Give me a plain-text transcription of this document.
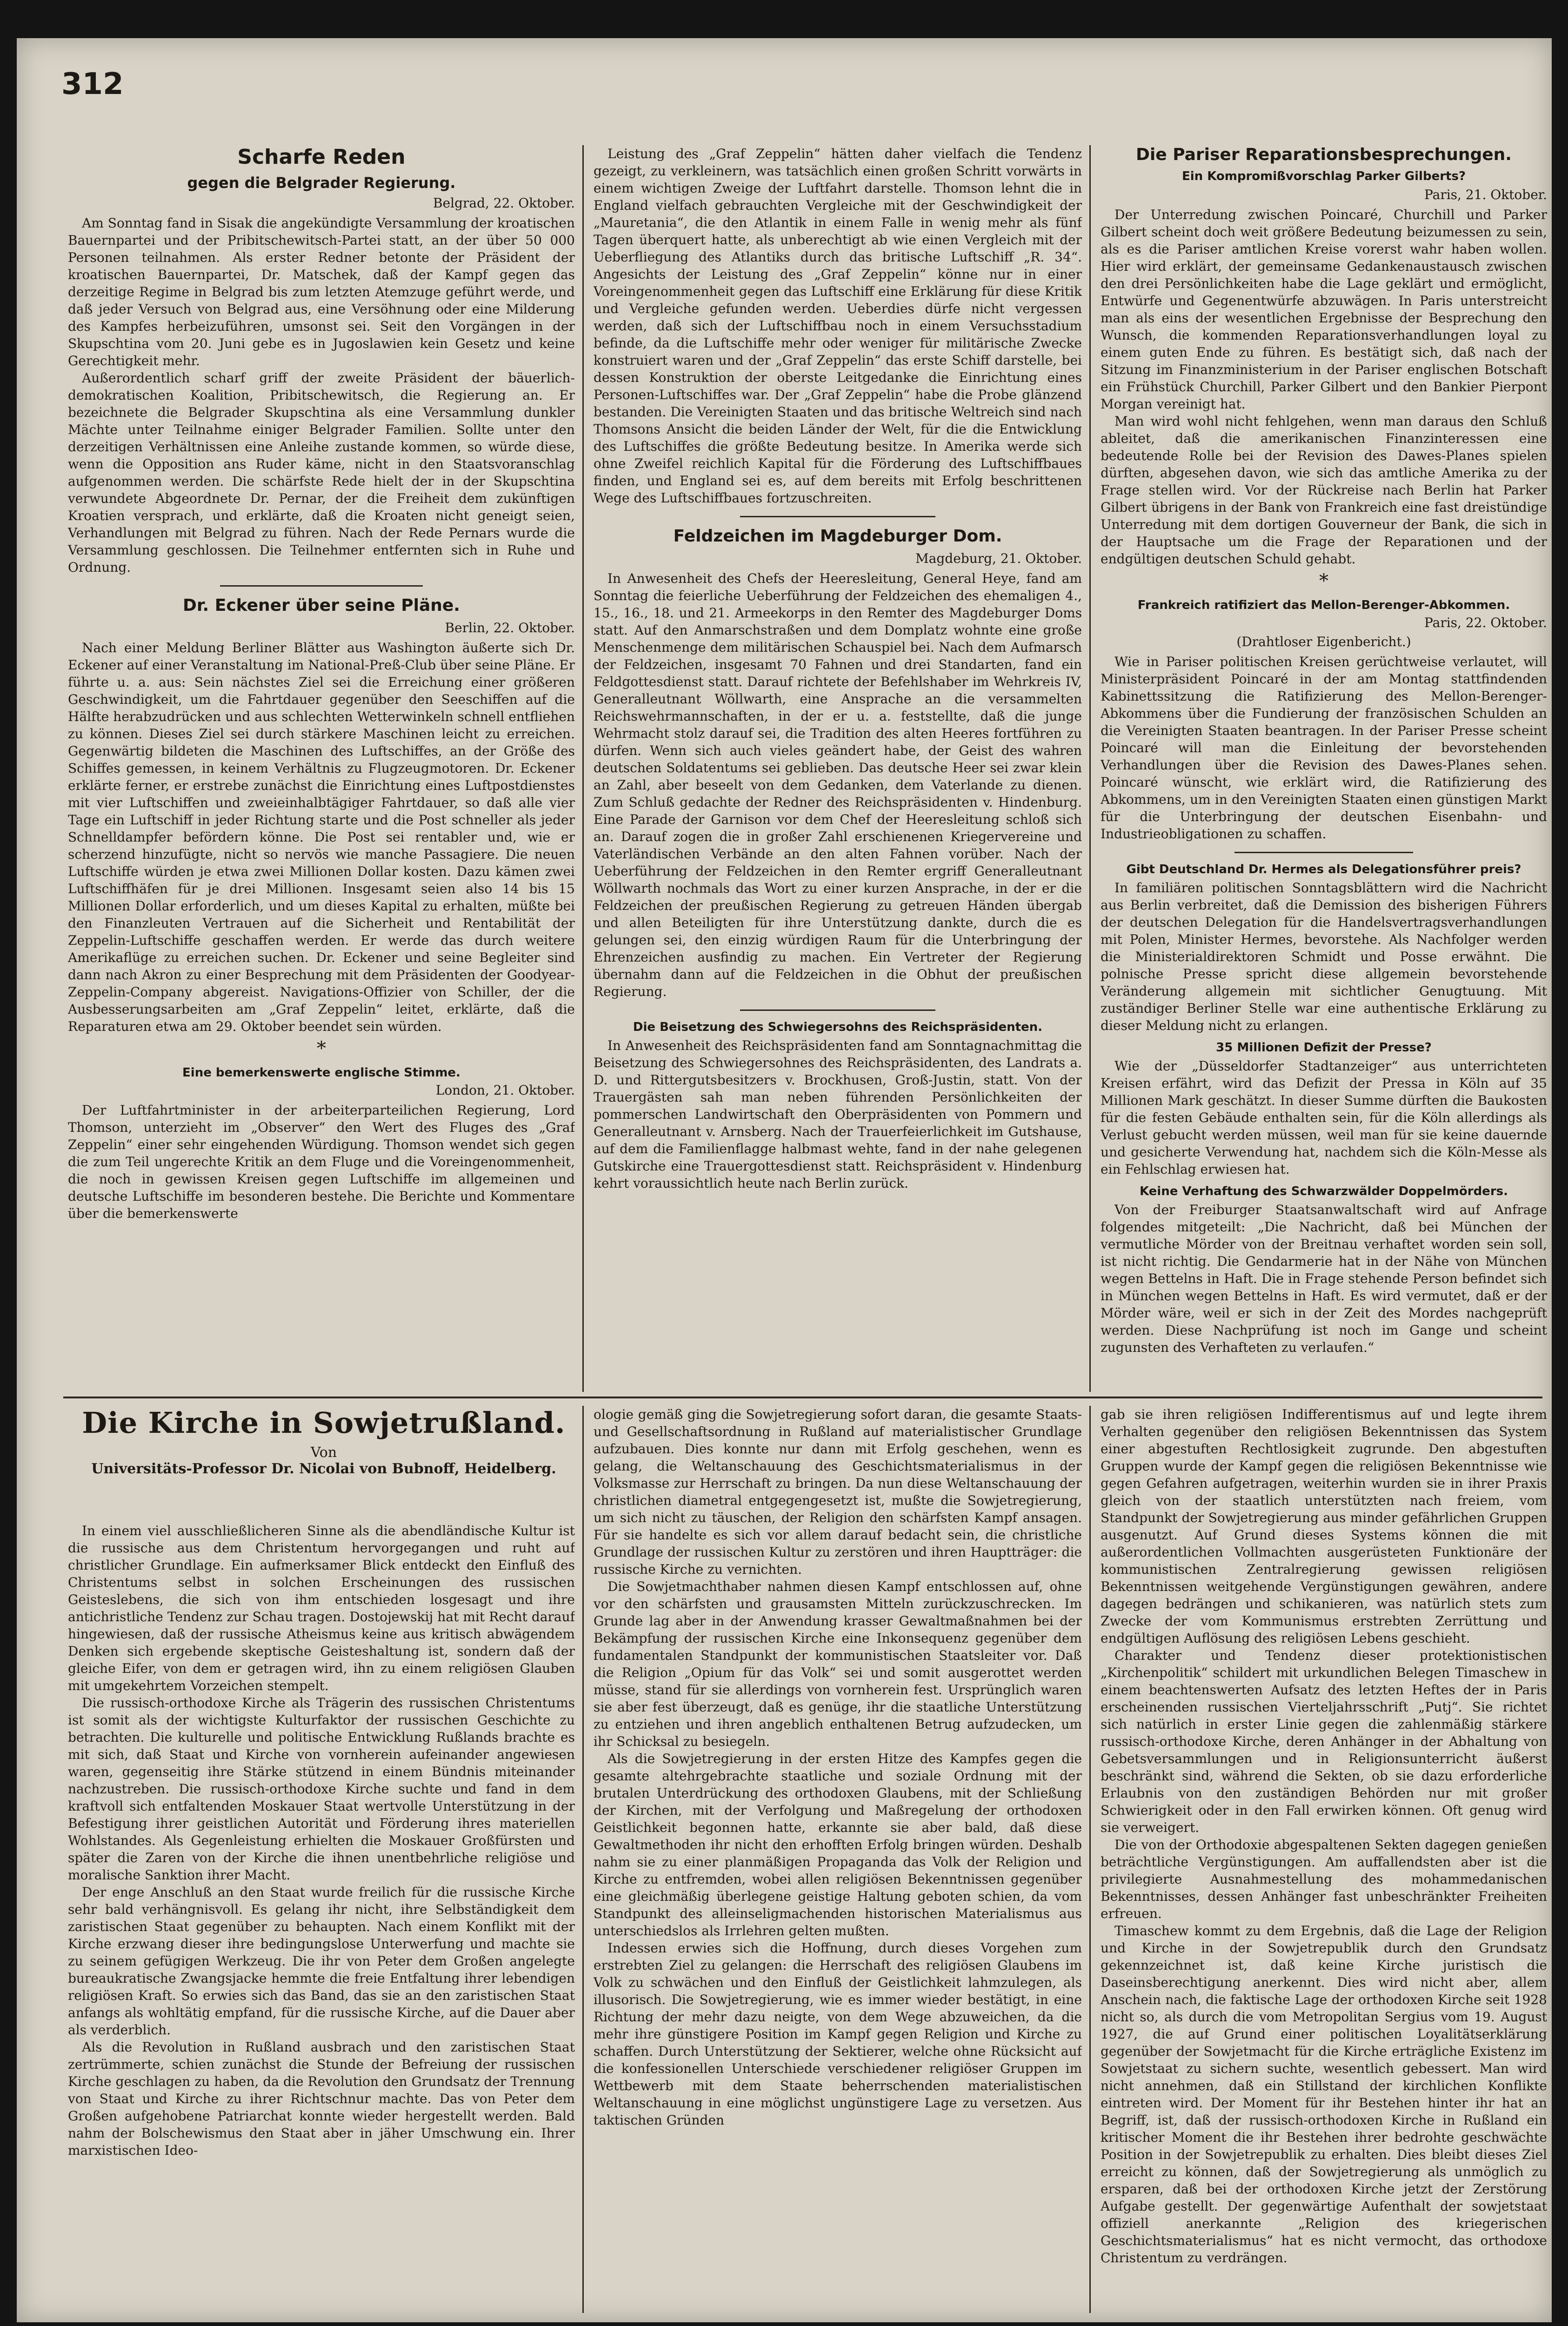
312
Scharfe Reden
gegen die Belgrader Regierung.
Belgrad, 22. Oktober.

Am Sonntag fand in Sisak die angekündigte Versammlung der kroatischen Bauernpartei und der Pribitschewitsch-Partei statt, an der über 50 000 Personen teilnahmen. Als erster Redner betonte der Präsident der kroatischen Bauernpartei, Dr. Matschek, daß der Kampf gegen das derzeitige Regime in Belgrad bis zum letzten Atemzuge geführt werde, und daß jeder Versuch von Belgrad aus, eine Versöhnung oder eine Milderung des Kampfes herbeizuführen, umsonst sei. Seit den Vorgängen in der Skupschtina vom 20. Juni gebe es in Jugoslawien kein Gesetz und keine Gerechtigkeit mehr.

Außerordentlich scharf griff der zweite Präsident der bäuerlich-demokratischen Koalition, Pribitschewitsch, die Regierung an. Er bezeichnete die Belgrader Skupschtina als eine Versammlung dunkler Mächte unter Teilnahme einiger Belgrader Familien. Sollte unter den derzeitigen Verhältnissen eine Anleihe zustande kommen, so würde diese, wenn die Opposition ans Ruder käme, nicht in den Staatsvoranschlag aufgenommen werden. Die schärfste Rede hielt der in der Skupschtina verwundete Abgeordnete Dr. Pernar, der die Freiheit dem zukünftigen Kroatien versprach, und erklärte, daß die Kroaten nicht geneigt seien, Verhandlungen mit Belgrad zu führen. Nach der Rede Pernars wurde die Versammlung geschlossen. Die Teilnehmer entfernten sich in Ruhe und Ordnung.

Dr. Eckener über seine Pläne.
Berlin, 22. Oktober.

Nach einer Meldung Berliner Blätter aus Washington äußerte sich Dr. Eckener auf einer Veranstaltung im National-Preß-Club über seine Pläne. Er führte u. a. aus: Sein nächstes Ziel sei die Erreichung einer größeren Geschwindigkeit, um die Fahrtdauer gegenüber den Seeschiffen auf die Hälfte herabzudrücken und aus schlechten Wetterwinkeln schnell entfliehen zu können. Dieses Ziel sei durch stärkere Maschinen leicht zu erreichen. Gegenwärtig bildeten die Maschinen des Luftschiffes, an der Größe des Schiffes gemessen, in keinem Verhältnis zu Flugzeugmotoren. Dr. Eckener erklärte ferner, er erstrebe zunächst die Einrichtung eines Luftpostdienstes mit vier Luftschiffen und zweieinhalbtägiger Fahrtdauer, so daß alle vier Tage ein Luftschiff in jeder Richtung starte und die Post schneller als jeder Schnelldampfer befördern könne. Die Post sei rentabler und, wie er scherzend hinzufügte, nicht so nervös wie manche Passagiere. Die neuen Luftschiffe würden je etwa zwei Millionen Dollar kosten. Dazu kämen zwei Luftschiffhäfen für je drei Millionen. Insgesamt seien also 14 bis 15 Millionen Dollar erforderlich, und um dieses Kapital zu erhalten, müßte bei den Finanzleuten Vertrauen auf die Sicherheit und Rentabilität der Zeppelin-Luftschiffe geschaffen werden. Er werde das durch weitere Amerikaflüge zu erreichen suchen. Dr. Eckener und seine Begleiter sind dann nach Akron zu einer Besprechung mit dem Präsidenten der Goodyear-Zeppelin-Company abgereist. Navigations-Offizier von Schiller, der die Ausbesserungsarbeiten am „Graf Zeppelin“ leitet, erklärte, daß die Reparaturen etwa am 29. Oktober beendet sein würden.

*
Eine bemerkenswerte englische Stimme.
London, 21. Oktober.

Der Luftfahrtminister in der arbeiterparteilichen Regierung, Lord Thomson, unterzieht im „Observer“ den Wert des Fluges des „Graf Zeppelin“ einer sehr eingehenden Würdigung. Thomson wendet sich gegen die zum Teil ungerechte Kritik an dem Fluge und die Voreingenommenheit, die noch in gewissen Kreisen gegen Luftschiffe im allgemeinen und deutsche Luftschiffe im besonderen bestehe. Die Berichte und Kommentare über die bemerkenswerte

Leistung des „Graf Zeppelin“ hätten daher vielfach die Tendenz gezeigt, zu verkleinern, was tatsächlich einen großen Schritt vorwärts in einem wichtigen Zweige der Luftfahrt darstelle. Thomson lehnt die in England vielfach gebrauchten Vergleiche mit der Geschwindigkeit der „Mauretania“, die den Atlantik in einem Falle in wenig mehr als fünf Tagen überquert hatte, als unberechtigt ab wie einen Vergleich mit der Ueberfliegung des Atlantiks durch das britische Luftschiff „R. 34“. Angesichts der Leistung des „Graf Zeppelin“ könne nur in einer Voreingenommenheit gegen das Luftschiff eine Erklärung für diese Kritik und Vergleiche gefunden werden. Ueberdies dürfe nicht vergessen werden, daß sich der Luftschiffbau noch in einem Versuchsstadium befinde, da die Luftschiffe mehr oder weniger für militärische Zwecke konstruiert waren und der „Graf Zeppelin“ das erste Schiff darstelle, bei dessen Konstruktion der oberste Leitgedanke die Einrichtung eines Personen-Luftschiffes war. Der „Graf Zeppelin“ habe die Probe glänzend bestanden. Die Vereinigten Staaten und das britische Weltreich sind nach Thomsons Ansicht die beiden Länder der Welt, für die die Entwicklung des Luftschiffes die größte Bedeutung besitze. In Amerika werde sich ohne Zweifel reichlich Kapital für die Förderung des Luftschiffbaues finden, und England sei es, auf dem bereits mit Erfolg beschrittenen Wege des Luftschiffbaues fortzuschreiten.

Feldzeichen im Magdeburger Dom.
Magdeburg, 21. Oktober.

In Anwesenheit des Chefs der Heeresleitung, General Heye, fand am Sonntag die feierliche Ueberführung der Feldzeichen des ehemaligen 4., 15., 16., 18. und 21. Armeekorps in den Remter des Magdeburger Doms statt. Auf den Anmarschstraßen und dem Domplatz wohnte eine große Menschenmenge dem militärischen Schauspiel bei. Nach dem Aufmarsch der Feldzeichen, insgesamt 70 Fahnen und drei Standarten, fand ein Feldgottesdienst statt. Darauf richtete der Befehlshaber im Wehrkreis IV, Generalleutnant Wöllwarth, eine Ansprache an die versammelten Reichswehrmannschaften, in der er u. a. feststellte, daß die junge Wehrmacht stolz darauf sei, die Tradition des alten Heeres fortführen zu dürfen. Wenn sich auch vieles geändert habe, der Geist des wahren deutschen Soldatentums sei geblieben. Das deutsche Heer sei zwar klein an Zahl, aber beseelt von dem Gedanken, dem Vaterlande zu dienen. Zum Schluß gedachte der Redner des Reichspräsidenten v. Hindenburg. Eine Parade der Garnison vor dem Chef der Heeresleitung schloß sich an. Darauf zogen die in großer Zahl erschienenen Kriegervereine und Vaterländischen Verbände an den alten Fahnen vorüber. Nach der Ueberführung der Feldzeichen in den Remter ergriff Generalleutnant Wöllwarth nochmals das Wort zu einer kurzen Ansprache, in der er die Feldzeichen der preußischen Regierung zu getreuen Händen übergab und allen Beteiligten für ihre Unterstützung dankte, durch die es gelungen sei, den einzig würdigen Raum für die Unterbringung der Ehrenzeichen ausfindig zu machen. Ein Vertreter der Regierung übernahm dann auf die Feldzeichen in die Obhut der preußischen Regierung.

Die Beisetzung des Schwiegersohns des Reichspräsidenten.

In Anwesenheit des Reichspräsidenten fand am Sonntagnachmittag die Beisetzung des Schwiegersohnes des Reichspräsidenten, des Landrats a. D. und Rittergutsbesitzers v. Brockhusen, Groß-Justin, statt. Von der Trauergästen sah man neben führenden Persönlichkeiten der pommerschen Landwirtschaft den Oberpräsidenten von Pommern und Generalleutnant v. Arnsberg. Nach der Trauerfeierlichkeit im Gutshause, auf dem die Familienflagge halbmast wehte, fand in der nahe gelegenen Gutskirche eine Trauergottesdienst statt. Reichspräsident v. Hindenburg kehrt voraussichtlich heute nach Berlin zurück.

Die Pariser Reparationsbesprechungen.
Ein Kompromißvorschlag Parker Gilberts?
Paris, 21. Oktober.

Der Unterredung zwischen Poincaré, Churchill und Parker Gilbert scheint doch weit größere Bedeutung beizumessen zu sein, als es die Pariser amtlichen Kreise vorerst wahr haben wollen. Hier wird erklärt, der gemeinsame Gedankenaustausch zwischen den drei Persönlichkeiten habe die Lage geklärt und ermöglicht, Entwürfe und Gegenentwürfe abzuwägen. In Paris unterstreicht man als eins der wesentlichen Ergebnisse der Besprechung den Wunsch, die kommenden Reparationsverhandlungen loyal zu einem guten Ende zu führen. Es bestätigt sich, daß nach der Sitzung im Finanzministerium in der Pariser englischen Botschaft ein Frühstück Churchill, Parker Gilbert und den Bankier Pierpont Morgan vereinigt hat.

Man wird wohl nicht fehlgehen, wenn man daraus den Schluß ableitet, daß die amerikanischen Finanzinteressen eine bedeutende Rolle bei der Revision des Dawes-Planes spielen dürften, abgesehen davon, wie sich das amtliche Amerika zu der Frage stellen wird. Vor der Rückreise nach Berlin hat Parker Gilbert übrigens in der Bank von Frankreich eine fast dreistündige Unterredung mit dem dortigen Gouverneur der Bank, die sich in der Hauptsache um die Frage der Reparationen und der endgültigen deutschen Schuld gehabt.

*
Frankreich ratifiziert das Mellon-Berenger-Abkommen.
Paris, 22. Oktober.
(Drahtloser Eigenbericht.)

Wie in Pariser politischen Kreisen gerüchtweise verlautet, will Ministerpräsident Poincaré in der am Montag stattfindenden Kabinettssitzung die Ratifizierung des Mellon-Berenger-Abkommens über die Fundierung der französischen Schulden an die Vereinigten Staaten beantragen. In der Pariser Presse scheint Poincaré will man die Einleitung der bevorstehenden Verhandlungen über die Revision des Dawes-Planes sehen. Poincaré wünscht, wie erklärt wird, die Ratifizierung des Abkommens, um in den Vereinigten Staaten einen günstigen Markt für die Unterbringung der deutschen Eisenbahn- und Industrieobligationen zu schaffen.

Gibt Deutschland Dr. Hermes als Delegationsführer preis?

In familiären politischen Sonntagsblättern wird die Nachricht aus Berlin verbreitet, daß die Demission des bisherigen Führers der deutschen Delegation für die Handelsvertragsverhandlungen mit Polen, Minister Hermes, bevorstehe. Als Nachfolger werden die Ministerialdirektoren Schmidt und Posse erwähnt. Die polnische Presse spricht diese allgemein bevorstehende Veränderung allgemein mit sichtlicher Genugtuung. Mit zuständiger Berliner Stelle war eine authentische Erklärung zu dieser Meldung nicht zu erlangen.

35 Millionen Defizit der Presse?

Wie der „Düsseldorfer Stadtanzeiger“ aus unterrichteten Kreisen erfährt, wird das Defizit der Pressa in Köln auf 35 Millionen Mark geschätzt. In dieser Summe dürften die Baukosten für die festen Gebäude enthalten sein, für die Köln allerdings als Verlust gebucht werden müssen, weil man für sie keine dauernde und gesicherte Verwendung hat, nachdem sich die Köln-Messe als ein Fehlschlag erwiesen hat.

Keine Verhaftung des Schwarzwälder Doppelmörders.

Von der Freiburger Staatsanwaltschaft wird auf Anfrage folgendes mitgeteilt: „Die Nachricht, daß bei München der vermutliche Mörder von der Breitnau verhaftet worden sein soll, ist nicht richtig. Die Gendarmerie hat in der Nähe von München wegen Bettelns in Haft. Die in Frage stehende Person befindet sich in München wegen Bettelns in Haft. Es wird vermutet, daß er der Mörder wäre, weil er sich in der Zeit des Mordes nachgeprüft werden. Diese Nachprüfung ist noch im Gange und scheint zugunsten des Verhafteten zu verlaufen.“

Die Kirche in Sowjetrußland.
Von
Universitäts-Professor Dr. Nicolai von Bubnoff, Heidelberg.

In einem viel ausschließlicheren Sinne als die abendländische Kultur ist die russische aus dem Christentum hervorgegangen und ruht auf christlicher Grundlage. Ein aufmerksamer Blick entdeckt den Einfluß des Christentums selbst in solchen Erscheinungen des russischen Geisteslebens, die sich von ihm entschieden losgesagt und ihre antichristliche Tendenz zur Schau tragen. Dostojewskij hat mit Recht darauf hingewiesen, daß der russische Atheismus keine aus kritisch abwägendem Denken sich ergebende skeptische Geisteshaltung ist, sondern daß der gleiche Eifer, von dem er getragen wird, ihn zu einem religiösen Glauben mit umgekehrtem Vorzeichen stempelt.

Die russisch-orthodoxe Kirche als Trägerin des russischen Christentums ist somit als der wichtigste Kulturfaktor der russischen Geschichte zu betrachten. Die kulturelle und politische Entwicklung Rußlands brachte es mit sich, daß Staat und Kirche von vornherein aufeinander angewiesen waren, gegenseitig ihre Stärke stützend in einem Bündnis miteinander nachzustreben. Die russisch-orthodoxe Kirche suchte und fand in dem kraftvoll sich entfaltenden Moskauer Staat wertvolle Unterstützung in der Befestigung ihrer geistlichen Autorität und Förderung ihres materiellen Wohlstandes. Als Gegenleistung erhielten die Moskauer Großfürsten und später die Zaren von der Kirche die ihnen unentbehrliche religiöse und moralische Sanktion ihrer Macht.

Der enge Anschluß an den Staat wurde freilich für die russische Kirche sehr bald verhängnisvoll. Es gelang ihr nicht, ihre Selbständigkeit dem zaristischen Staat gegenüber zu behaupten. Nach einem Konflikt mit der Kirche erzwang dieser ihre bedingungslose Unterwerfung und machte sie zu seinem gefügigen Werkzeug. Die ihr von Peter dem Großen angelegte bureaukratische Zwangsjacke hemmte die freie Entfaltung ihrer lebendigen religiösen Kraft. So erwies sich das Band, das sie an den zaristischen Staat anfangs als wohltätig empfand, für die russische Kirche, auf die Dauer aber als verderblich.

Als die Revolution in Rußland ausbrach und den zaristischen Staat zertrümmerte, schien zunächst die Stunde der Befreiung der russischen Kirche geschlagen zu haben, da die Revolution den Grundsatz der Trennung von Staat und Kirche zu ihrer Richtschnur machte. Das von Peter dem Großen aufgehobene Patriarchat konnte wieder hergestellt werden. Bald nahm der Bolschewismus den Staat aber in jäher Umschwung ein. Ihrer marxistischen Ideo-

ologie gemäß ging die Sowjetregierung sofort daran, die gesamte Staats- und Gesellschaftsordnung in Rußland auf materialistischer Grundlage aufzubauen. Dies konnte nur dann mit Erfolg geschehen, wenn es gelang, die Weltanschauung des Geschichtsmaterialismus in der Volksmasse zur Herrschaft zu bringen. Da nun diese Weltanschauung der christlichen diametral entgegengesetzt ist, mußte die Sowjetregierung, um sich nicht zu täuschen, der Religion den schärfsten Kampf ansagen. Für sie handelte es sich vor allem darauf bedacht sein, die christliche Grundlage der russischen Kultur zu zerstören und ihren Hauptträger: die russische Kirche zu vernichten.

Die Sowjetmachthaber nahmen diesen Kampf entschlossen auf, ohne vor den schärfsten und grausamsten Mitteln zurückzuschrecken. Im Grunde lag aber in der Anwendung krasser Gewaltmaßnahmen bei der Bekämpfung der russischen Kirche eine Inkonsequenz gegenüber dem fundamentalen Standpunkt der kommunistischen Staatsleiter vor. Daß die Religion „Opium für das Volk“ sei und somit ausgerottet werden müsse, stand für sie allerdings von vornherein fest. Ursprünglich waren sie aber fest überzeugt, daß es genüge, ihr die staatliche Unterstützung zu entziehen und ihren angeblich enthaltenen Betrug aufzudecken, um ihr Schicksal zu besiegeln.

Als die Sowjetregierung in der ersten Hitze des Kampfes gegen die gesamte altehrgebrachte staatliche und soziale Ordnung mit der brutalen Unterdrückung des orthodoxen Glaubens, mit der Schließung der Kirchen, mit der Verfolgung und Maßregelung der orthodoxen Geistlichkeit begonnen hatte, erkannte sie aber bald, daß diese Gewaltmethoden ihr nicht den erhofften Erfolg bringen würden. Deshalb nahm sie zu einer planmäßigen Propaganda das Volk der Religion und Kirche zu entfremden, wobei allen religiösen Bekenntnissen gegenüber eine gleichmäßig überlegene geistige Haltung geboten schien, da vom Standpunkt des alleinseligmachenden historischen Materialismus aus unterschiedslos als Irrlehren gelten mußten.

Indessen erwies sich die Hoffnung, durch dieses Vorgehen zum erstrebten Ziel zu gelangen: die Herrschaft des religiösen Glaubens im Volk zu schwächen und den Einfluß der Geistlichkeit lahmzulegen, als illusorisch. Die Sowjetregierung, wie es immer wieder bestätigt, in eine Richtung der mehr dazu neigte, von dem Wege abzuweichen, da die mehr ihre günstigere Position im Kampf gegen Religion und Kirche zu schaffen. Durch Unterstützung der Sektierer, welche ohne Rücksicht auf die konfessionellen Unterschiede verschiedener religiöser Gruppen im Wettbewerb mit dem Staate beherrschenden materialistischen Weltanschauung in eine möglichst ungünstigere Lage zu versetzen. Aus taktischen Gründen

gab sie ihren religiösen Indifferentismus auf und legte ihrem Verhalten gegenüber den religiösen Bekenntnissen das System einer abgestuften Rechtlosigkeit zugrunde. Den abgestuften Gruppen wurde der Kampf gegen die religiösen Bekenntnisse wie gegen Gefahren aufgetragen, weiterhin wurden sie in ihrer Praxis gleich von der staatlich unterstützten nach freiem, vom Standpunkt der Sowjetregierung aus minder gefährlichen Gruppen ausgenutzt. Auf Grund dieses Systems können die mit außerordentlichen Vollmachten ausgerüsteten Funktionäre der kommunistischen Zentralregierung gewissen religiösen Bekenntnissen weitgehende Vergünstigungen gewähren, andere dagegen bedrängen und schikanieren, was natürlich stets zum Zwecke der vom Kommunismus erstrebten Zerrüttung und endgültigen Auflösung des religiösen Lebens geschieht.

Charakter und Tendenz dieser protektionistischen „Kirchenpolitik“ schildert mit urkundlichen Belegen Timaschew in einem beachtenswerten Aufsatz des letzten Heftes der in Paris erscheinenden russischen Vierteljahrsschrift „Putj“. Sie richtet sich natürlich in erster Linie gegen die zahlenmäßig stärkere russisch-orthodoxe Kirche, deren Anhänger in der Abhaltung von Gebetsversammlungen und in Religionsunterricht äußerst beschränkt sind, während die Sekten, ob sie dazu erforderliche Erlaubnis von den zuständigen Behörden nur mit großer Schwierigkeit oder in den Fall erwirken können. Oft genug wird sie verweigert.

Die von der Orthodoxie abgespaltenen Sekten dagegen genießen beträchtliche Vergünstigungen. Am auffallendsten aber ist die privilegierte Ausnahmestellung des mohammedanischen Bekenntnisses, dessen Anhänger fast unbeschränkter Freiheiten erfreuen.

Timaschew kommt zu dem Ergebnis, daß die Lage der Religion und Kirche in der Sowjetrepublik durch den Grundsatz gekennzeichnet ist, daß keine Kirche juristisch die Daseinsberechtigung anerkennt. Dies wird nicht aber, allem Anschein nach, die faktische Lage der orthodoxen Kirche seit 1928 nicht so, als durch die vom Metropolitan Sergius vom 19. August 1927, die auf Grund einer politischen Loyalitätserklärung gegenüber der Sowjetmacht für die Kirche erträgliche Existenz im Sowjetstaat zu sichern suchte, wesentlich gebessert. Man wird nicht annehmen, daß ein Stillstand der kirchlichen Konflikte eintreten wird. Der Moment für ihr Bestehen hinter ihr hat an Begriff, ist, daß der russisch-orthodoxen Kirche in Rußland ein kritischer Moment die ihr Bestehen ihrer bedrohte geschwächte Position in der Sowjetrepublik zu erhalten. Dies bleibt dieses Ziel erreicht zu können, daß der Sowjetregierung als unmöglich zu ersparen, daß bei der orthodoxen Kirche jetzt der Zerstörung Aufgabe gestellt. Der gegenwärtige Aufenthalt der sowjetstaat offiziell anerkannte „Religion des kriegerischen Geschichtsmaterialismus“ hat es nicht vermocht, das orthodoxe Christentum zu verdrängen.
